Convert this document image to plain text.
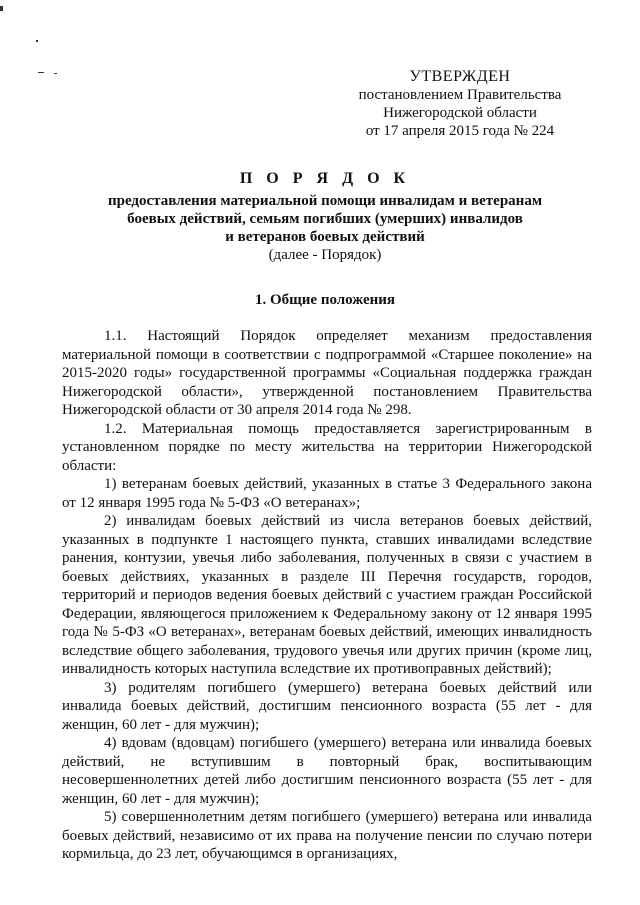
УТВЕРЖДЕН
постановлением Правительства
Нижегородской области
от 17 апреля 2015 года № 224
П О Р Я Д О К
предоставления материальной помощи инвалидам и ветеранам
боевых действий, семьям погибших (умерших) инвалидов
и ветеранов боевых действий
(далее - Порядок)
1. Общие положения

1.1. Настоящий Порядок определяет механизм предоставления материальной помощи в соответствии с подпрограммой «Старшее поколение» на 2015-2020 годы» государственной программы «Социальная поддержка граждан Нижегородской области», утвержденной постановлением Правительства Нижегородской области от 30 апреля 2014 года № 298.

1.2. Материальная помощь предоставляется зарегистрированным в установленном порядке по месту жительства на территории Нижегородской области:

1) ветеранам боевых действий, указанных в статье 3 Федерального закона от 12 января 1995 года № 5-ФЗ «О ветеранах»;

2) инвалидам боевых действий из числа ветеранов боевых действий, указанных в подпункте 1 настоящего пункта, ставших инвалидами вследствие ранения, контузии, увечья либо заболевания, полученных в связи с участием в боевых действиях, указанных в разделе III Перечня государств, городов, территорий и периодов ведения боевых действий с участием граждан Российской Федерации, являющегося приложением к Федеральному закону от 12 января 1995 года № 5-ФЗ «О ветеранах», ветеранам боевых действий, имеющих инвалидность вследствие общего заболевания, трудового увечья или других причин (кроме лиц, инвалидность которых наступила вследствие их противоправных действий);

3) родителям погибшего (умершего) ветерана боевых действий или инвалида боевых действий, достигшим пенсионного возраста (55 лет - для женщин, 60 лет - для мужчин);

4) вдовам (вдовцам) погибшего (умершего) ветерана или инвалида боевых действий, не вступившим в повторный брак, воспитывающим несовершеннолетних детей либо достигшим пенсионного возраста (55 лет - для женщин, 60 лет - для мужчин);

5) совершеннолетним детям погибшего (умершего) ветерана или инвалида боевых действий, независимо от их права на получение пенсии по случаю потери кормильца, до 23 лет, обучающимся в организациях,
